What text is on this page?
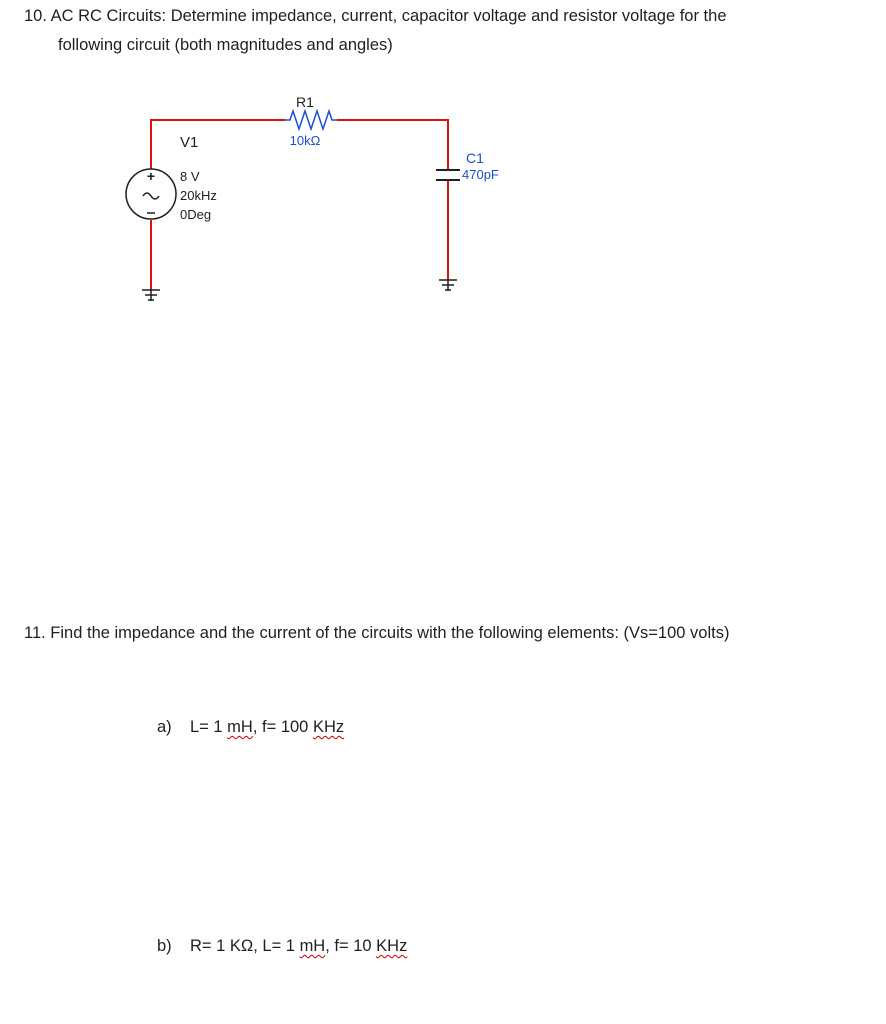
10. AC RC Circuits: Determine impedance, current, capacitor voltage and resistor voltage for the
following circuit (both magnitudes and angles)
+
V1
8 V
20kHz
0Deg
R1
10kΩ
C1
470pF
11. Find the impedance and the current of the circuits with the following elements: (Vs=100 volts)
a) L= 1 mH, f= 100 KHz
b) R= 1 KΩ, L= 1 mH, f= 10 KHz
